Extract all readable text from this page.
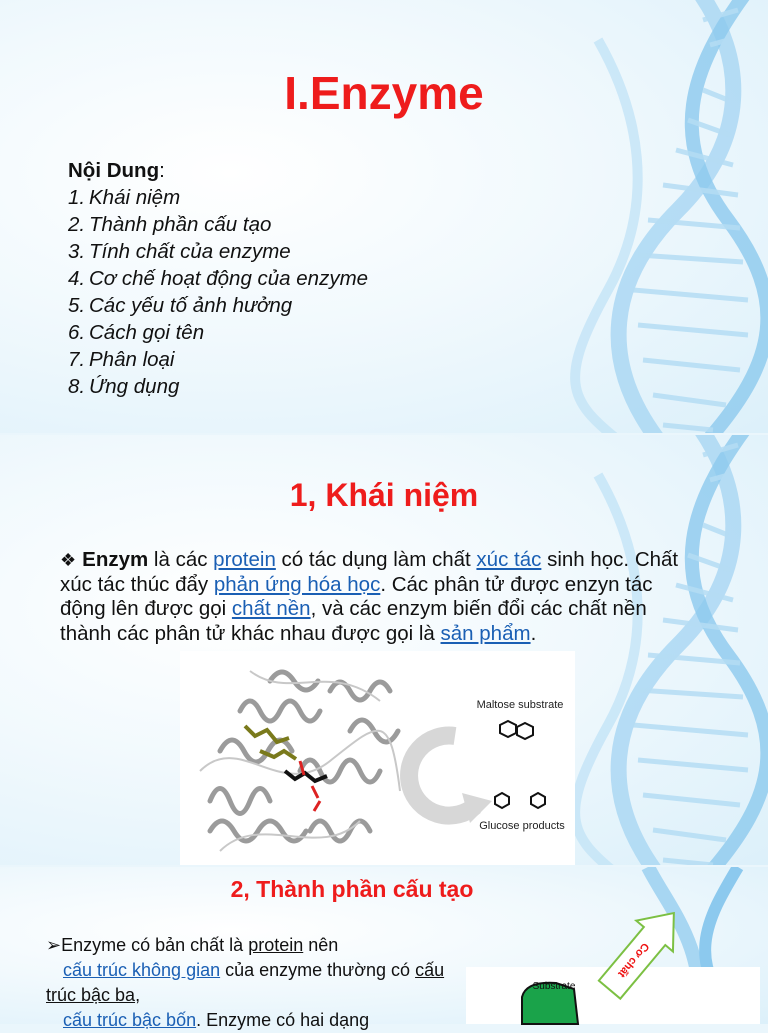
I.Enzyme
Nội Dung:
1. Khái niệm
2. Thành phần cấu tạo
3. Tính chất của enzyme
4. Cơ chế hoạt động của enzyme
5. Các yếu tố ảnh hưởng
6. Cách gọi tên
7. Phân loại
8. Ứng dụng
1, Khái niệm
❖ Enzym là các protein có tác dụng làm chất xúc tác sinh học. Chất xúc tác thúc đẩy phản ứng hóa học. Các phân tử được enzyn tác động lên được gọi chất nền, và các enzym biến đổi các chất nền thành các phân tử khác nhau được gọi là sản phẩm.
Maltose substrate
Glucose products
2, Thành phần cấu tạo
➢Enzyme có bản chất là protein nên
cấu trúc không gian của enzyme thường có cấu trúc bậc ba,
cấu trúc bậc bốn. Enzyme có hai dạng
Substrate
Cơ chất
